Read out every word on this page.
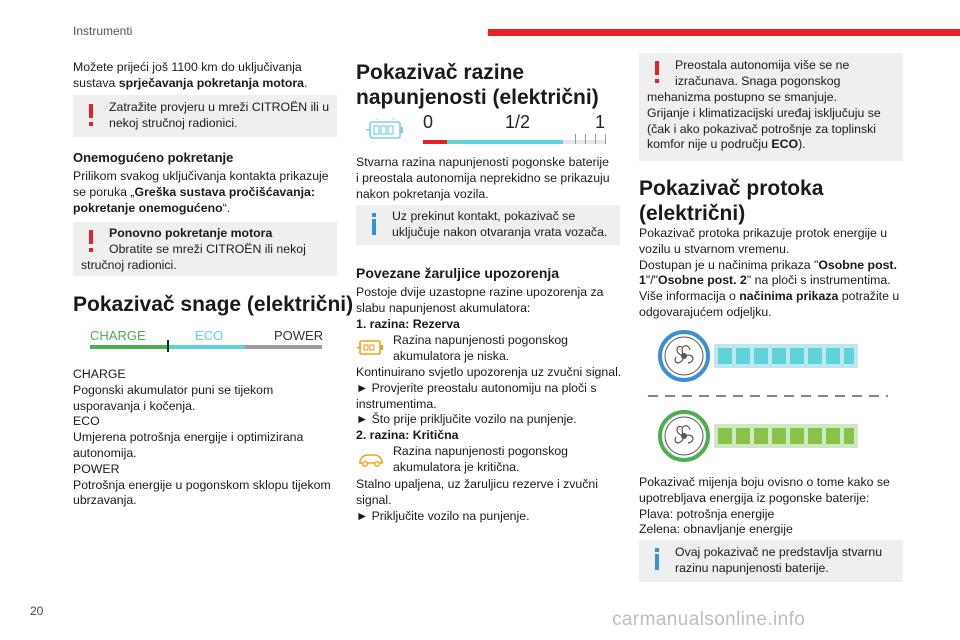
Instrumenti
Možete prijeći još 1100 km do uključivanja
sustava sprječavanja pokretanja motora.
Zatražite provjeru u mreži CITROËN ili u
nekoj stručnoj radionici.
Onemogućeno pokretanje
Prilikom svakog uključivanja kontakta prikazuje
se poruka „Greška sustava pročišćavanja:
pokretanje onemogućeno“.
Ponovno pokretanje motora
Obratite se mreži CITROËN ili nekoj
stručnoj radionici.
Pokazivač snage (električni)
CHARGE	ECO	POWER
CHARGE
Pogonski akumulator puni se tijekom
usporavanja i kočenja.
ECO
Umjerena potrošnja energije i optimizirana
autonomija.
POWER
Potrošnja energije u pogonskom sklopu tijekom
ubrzavanja.
Pokazivač razine
napunjenosti (električni)
− + 0	1/2	1
Stvarna razina napunjenosti pogonske baterije
i preostala autonomija neprekidno se prikazuju
nakon pokretanja vozila.
Uz prekinut kontakt, pokazivač se
uključuje nakon otvaranja vrata vozača.
Povezane žaruljice upozorenja
Postoje dvije uzastopne razine upozorenja za
slabu napunjenost akumulatora:
1. razina: Rezerva
Razina napunjenosti pogonskog
akumulatora je niska.
Kontinuirano svjetlo upozorenja uz zvučni signal.
► Provjerite preostalu autonomiju na ploči s
instrumentima.
► Što prije priključite vozilo na punjenje.
2. razina: Kritična
Razina napunjenosti pogonskog
akumulatora je kritična.
Stalno upaljena, uz žaruljicu rezerve i zvučni
signal.
► Priključite vozilo na punjenje.
Preostala autonomija više se ne
izračunava. Snaga pogonskog
mehanizma postupno se smanjuje.
Grijanje i klimatizacijski uređaj isključuju se
(čak i ako pokazivač potrošnje za toplinski
komfor nije u području ECO).
Pokazivač protoka
(električni)
Pokazivač protoka prikazuje protok energije u
vozilu u stvarnom vremenu.
Dostupan je u načinima prikaza "Osobne post.
1"/"Osobne post. 2" na ploči s instrumentima.
Više informacija o načinima prikaza potražite u
odgovarajućem odjeljku.
Pokazivač mijenja boju ovisno o tome kako se
upotrebljava energija iz pogonske baterije:
Plava: potrošnja energije
Zelena: obnavljanje energije
Ovaj pokazivač ne predstavlja stvarnu
razinu napunjenosti baterije.
20	carmanualsonline.info
